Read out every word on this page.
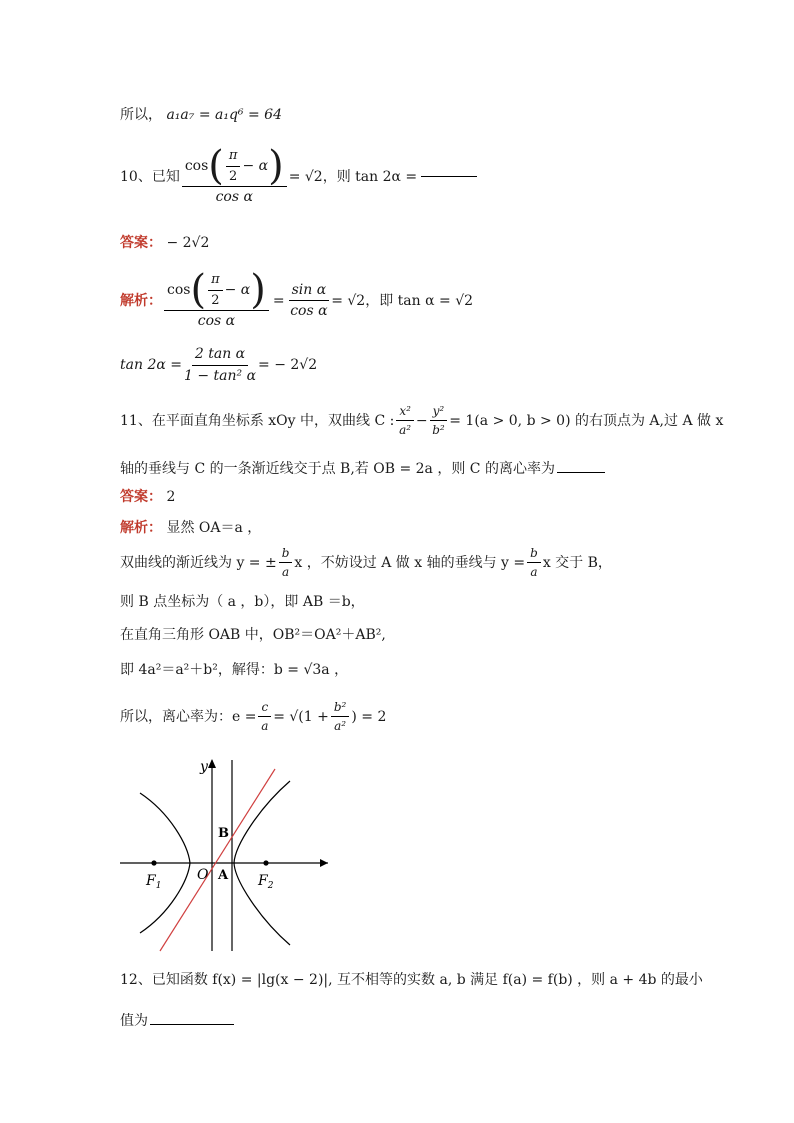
所以， a₁a₇ = a₁q⁶ = 64
10、已知
cos ( $\frac{\pi}{2} - \alpha$ )
cos α
= √2 ，则 tan 2α =
答案： − 2√2
解析：
cos ( $\frac{\pi}{2} - \alpha$ )
cos α
= $\frac{\text{sin α}}{\text{cos α}} = √2$ ，即 tan α = √2
$\tan 2\alpha = \frac{\text{2 tan α}}{\text{1 − tan² α}}$ = − 2√2
11、在平面直角坐标系 xOy 中，双曲线 C : $\frac{\text{x²}}{\text{a²}} - \frac{\text{y²}}{\text{b²}} = 1(a > 0$, b > 0) 的右顶点为 A,过 A 做 x
轴的垂线与 C 的一条渐近线交于点 B,若 OB = 2a ，则 C 的离心率为
答案： 2
解析： 显然 OA＝a ，
双曲线的渐近线为 y = ± $\frac{b}{a}$ x ，不妨设过 A 做 x 轴的垂线与 $y = \frac{b}{a}$ x 交于 B，
则 B 点坐标为（ a ，b），即 AB ＝b，
在直角三角形 OAB 中，OB²＝OA²＋AB²,
即 4a²＝a²＋b²，解得：b = √3a ，
所以，离心率为：$e = \frac{c}{a} = √(1 + \frac{\text{b²}}{\text{a²}}$ ) = 2
y
B
O A
$F_1$	$F_2$
12、已知函数 f(x) = |lg(x − 2)|, 互不相等的实数 a, b 满足 f(a) = f(b) ，则 a + 4b 的最小
值为
